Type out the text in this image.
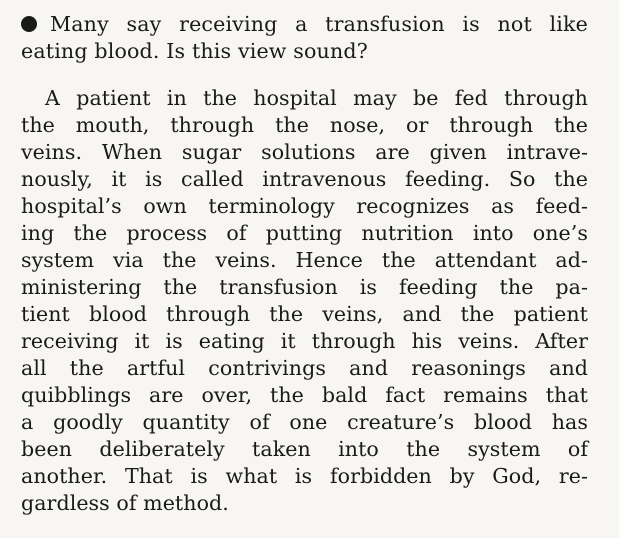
Many say receiving a transfusion is not like
eating blood. Is this view sound?
A patient in the hospital may be fed through
the mouth, through the nose, or through the
veins. When sugar solutions are given intrave-
nously, it is called intravenous feeding. So the
hospital’s own terminology recognizes as feed-
ing the process of putting nutrition into one’s
system via the veins. Hence the attendant ad-
ministering the transfusion is feeding the pa-
tient blood through the veins, and the patient
receiving it is eating it through his veins. After
all the artful contrivings and reasonings and
quibblings are over, the bald fact remains that
a goodly quantity of one creature’s blood has
been deliberately taken into the system of
another. That is what is forbidden by God, re-
gardless of method.
